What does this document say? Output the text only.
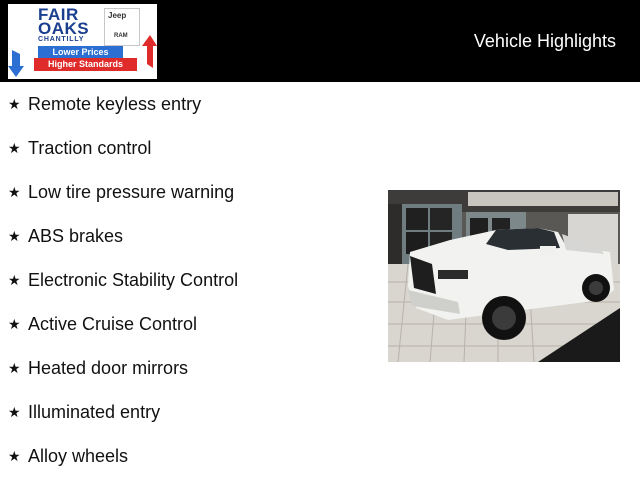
FAIR
OAKS
CHANTILLY
Jeep
RAM
Lower Prices
Higher Standards
Vehicle Highlights
★ Remote keyless entry
★ Traction control
★ Low tire pressure warning
★ ABS brakes
★ Electronic Stability Control
★ Active Cruise Control
★ Heated door mirrors
★ Illuminated entry
★ Alloy wheels
